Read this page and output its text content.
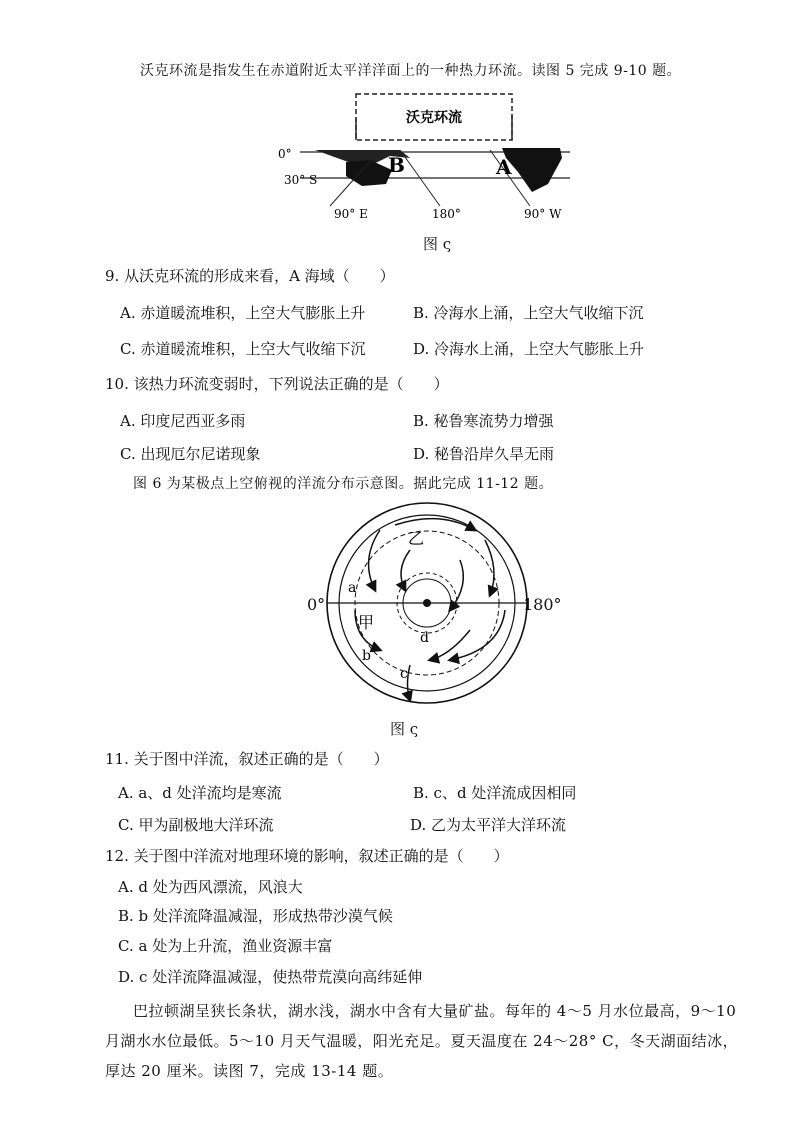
沃克环流是指发生在赤道附近太平洋洋面上的一种热力环流。读图 5 完成 9-10 题。
沃克环流
0°
30° S
90° E	180°	90° W
B	A
图 ς
9. 从沃克环流的形成来看，A 海域（　　）
A. 赤道暖流堆积，上空大气膨胀上升	B. 冷海水上涌，上空大气收缩下沉
C. 赤道暖流堆积，上空大气收缩下沉	D. 冷海水上涌，上空大气膨胀上升
10. 该热力环流变弱时，下列说法正确的是（　　）
A. 印度尼西亚多雨	B. 秘鲁寒流势力增强
C. 出现厄尔尼诺现象	D. 秘鲁沿岸久旱无雨
图 6 为某极点上空俯视的洋流分布示意图。据此完成 11-12 题。
乙
甲
a
b
c
d
0°	180°
图 ς
11. 关于图中洋流，叙述正确的是（　　）
A. a、d 处洋流均是寒流	B. c、d 处洋流成因相同
C. 甲为副极地大洋环流	D. 乙为太平洋大洋环流
12. 关于图中洋流对地理环境的影响，叙述正确的是（　　）
A. d 处为西风漂流，风浪大
B. b 处洋流降温减湿，形成热带沙漠气候
C. a 处为上升流，渔业资源丰富
D. c 处洋流降温减湿，使热带荒漠向高纬延伸
巴拉顿湖呈狭长条状，湖水浅，湖水中含有大量矿盐。每年的 4～5 月水位最高，9～10
月湖水水位最低。5～10 月天气温暖，阳光充足。夏天温度在 24～28° C，冬天湖面结冰，
厚达 20 厘米。读图 7，完成 13-14 题。
